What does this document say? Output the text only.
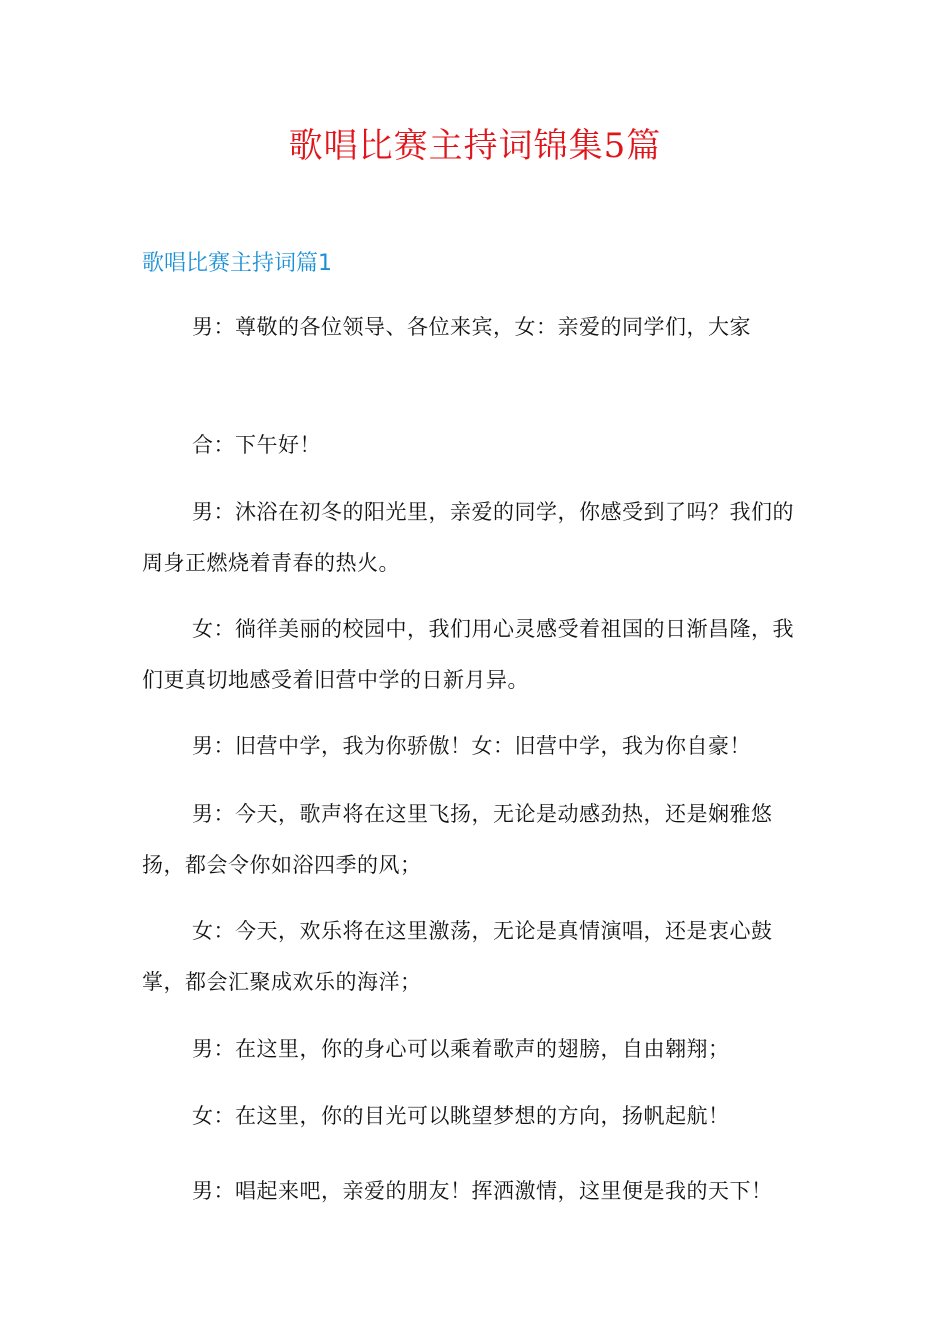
歌唱比赛主持词锦集5篇
歌唱比赛主持词篇1

男：尊敬的各位领导、各位来宾，女：亲爱的同学们，大家

合：下午好！

男：沐浴在初冬的阳光里，亲爱的同学，你感受到了吗？我们的周身正燃烧着青春的热火。

女：徜徉美丽的校园中，我们用心灵感受着祖国的日渐昌隆，我们更真切地感受着旧营中学的日新月异。

男：旧营中学，我为你骄傲！女：旧营中学，我为你自豪！

男：今天，歌声将在这里飞扬，无论是动感劲热，还是娴雅悠扬，都会令你如浴四季的风；

女：今天，欢乐将在这里激荡，无论是真情演唱，还是衷心鼓掌，都会汇聚成欢乐的海洋；

男：在这里，你的身心可以乘着歌声的翅膀，自由翱翔；

女：在这里，你的目光可以眺望梦想的方向，扬帆起航！

男：唱起来吧，亲爱的朋友！挥洒激情，这里便是我的天下！
